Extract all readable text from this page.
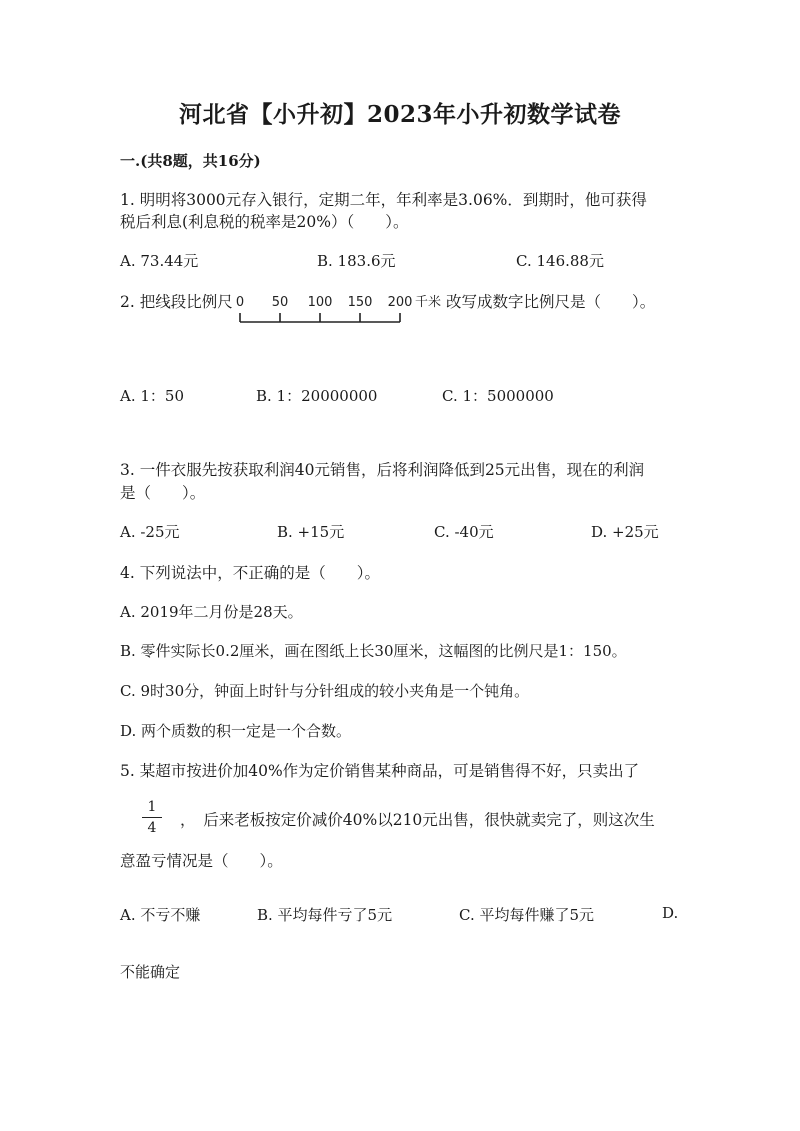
河北省【小升初】2023年小升初数学试卷
一.(共8题，共16分)
1. 明明将3000元存入银行，定期二年，年利率是3.06%．到期时，他可获得
税后利息(利息税的税率是20%）（　　）。
A. 73.44元	B. 183.6元	C. 146.88元
2. 把线段比例尺 0 50 100 150 200 千米 改写成数字比例尺是（　　）。
A. 1：50	B. 1：20000000	C. 1：5000000
3. 一件衣服先按获取利润40元销售，后将利润降低到25元出售，现在的利润
是（　　）。
A. -25元	B. +15元	C. -40元	D. +25元
4. 下列说法中，不正确的是（　　）。
A. 2019年二月份是28天。
B. 零件实际长0.2厘米，画在图纸上长30厘米，这幅图的比例尺是1：150。
C. 9时30分，钟面上时针与分针组成的较小夹角是一个钝角。
D. 两个质数的积一定是一个合数。
5. 某超市按进价加40%作为定价销售某种商品，可是销售得不好，只卖出了
1
4	，　后来老板按定价减价40%以210元出售，很快就卖完了，则这次生
意盈亏情况是（　　）。
A. 不亏不赚	B. 平均每件亏了5元	C. 平均每件赚了5元	D.
不能确定
